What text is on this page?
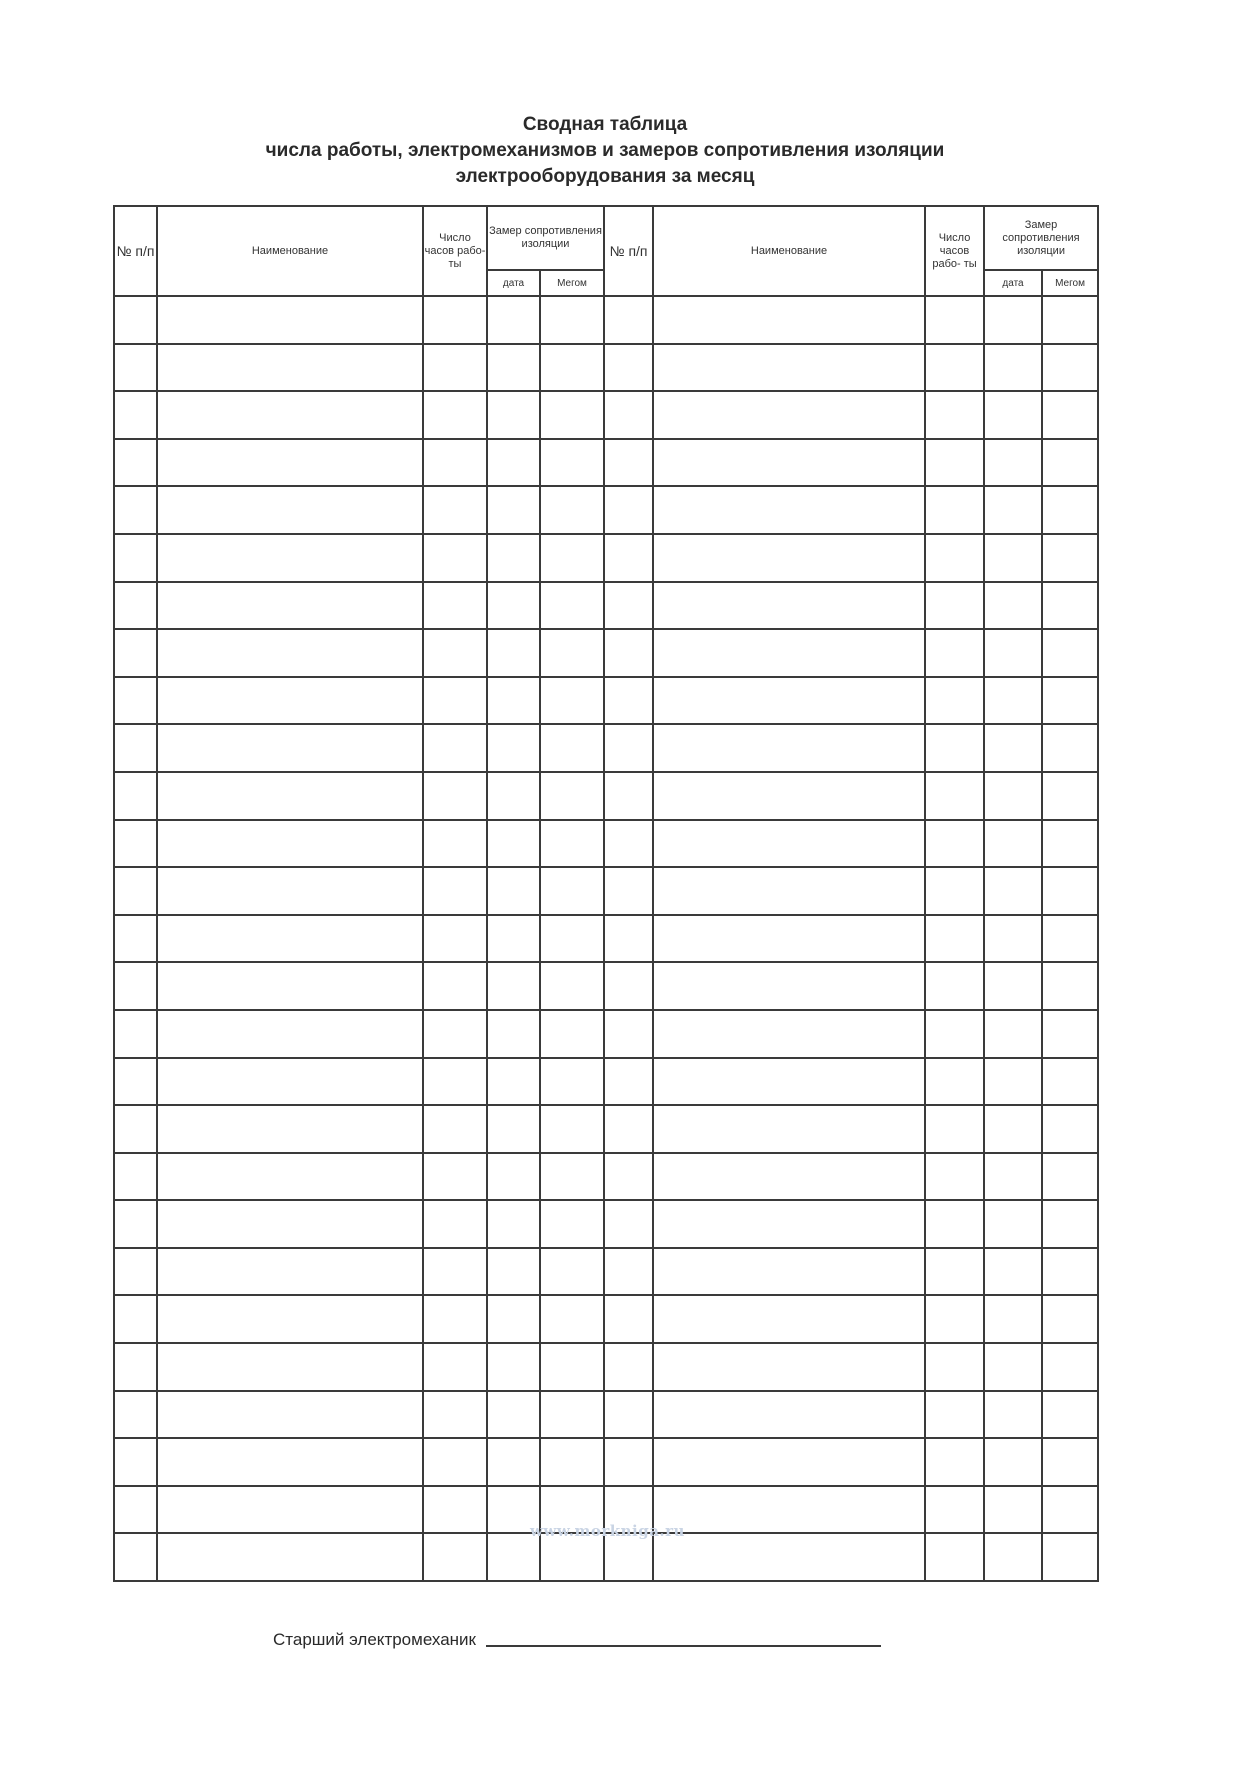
Сводная таблица
числа работы, электромеханизмов и замеров сопротивления изоляции
электрооборудования за месяц
№ п/п	Наименование	Число часов рабо- ты	Замер сопротивления изоляции		№ п/п	Наименование	Число часов рабо- ты	Замер сопротивления изоляции	
			дата	Мегом				дата	Мегом

www.morkniga.ru
Старший электромеханик
